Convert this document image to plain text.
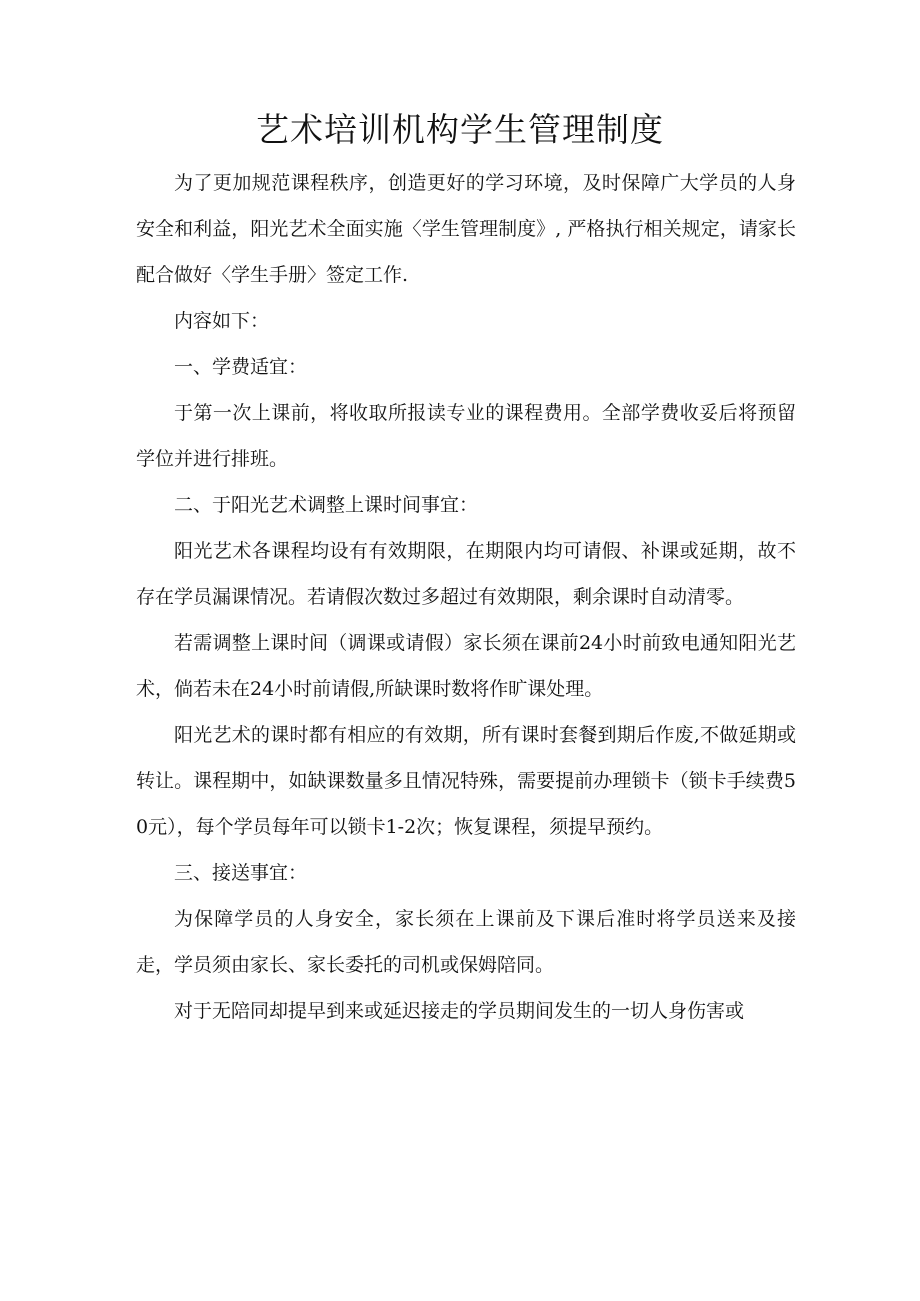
艺术培训机构学生管理制度

为了更加规范课程秩序，创造更好的学习环境，及时保障广大学员的人身安全和利益，阳光艺术全面实施〈学生管理制度》, 严格执行相关规定，请家长配合做好〈学生手册〉签定工作.

内容如下：

一、学费适宜：

于第一次上课前，将收取所报读专业的课程费用。全部学费收妥后将预留学位并进行排班。

二、于阳光艺术调整上课时间事宜：

阳光艺术各课程均设有有效期限，在期限内均可请假、补课或延期，故不存在学员漏课情况。若请假次数过多超过有效期限，剩余课时自动清零。

若需调整上课时间（调课或请假）家长须在课前24小时前致电通知阳光艺术，倘若未在24小时前请假,所缺课时数将作旷课处理。

阳光艺术的课时都有相应的有效期，所有课时套餐到期后作废,不做延期或转让。课程期中，如缺课数量多且情况特殊，需要提前办理锁卡（锁卡手续费50元），每个学员每年可以锁卡1-2次；恢复课程，须提早预约。

三、接送事宜：

为保障学员的人身安全，家长须在上课前及下课后准时将学员送来及接走，学员须由家长、家长委托的司机或保姆陪同。

对于无陪同却提早到来或延迟接走的学员期间发生的一切人身伤害或
